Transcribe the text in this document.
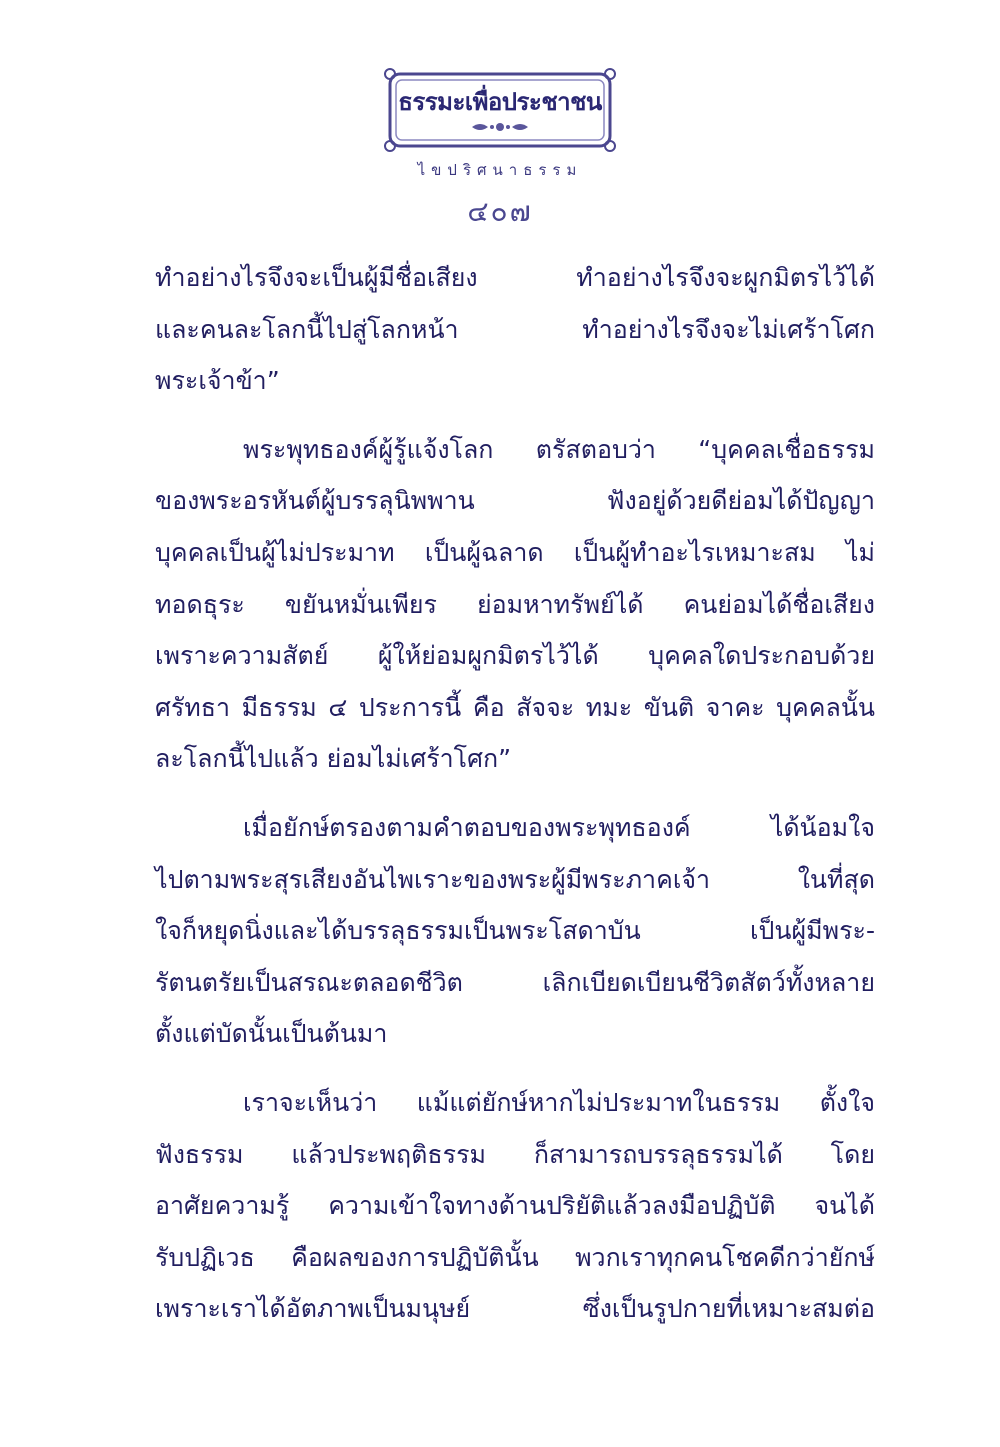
ธรรมะเพื่อประชาชน
ไขปริศนาธรรม
๔๐๗

ทำอย่างไรจึงจะเป็นผู้มีชื่อเสียง ทำอย่างไรจึงจะผูกมิตรไว้ได้
และคนละโลกนี้ไปสู่โลกหน้า ทำอย่างไรจึงจะไม่เศร้าโศก
พระเจ้าข้า”

พระพุทธองค์ผู้รู้แจ้งโลก ตรัสตอบว่า “บุคคลเชื่อธรรม
ของพระอรหันต์ผู้บรรลุนิพพาน ฟังอยู่ด้วยดีย่อมได้ปัญญา
บุคคลเป็นผู้ไม่ประมาท เป็นผู้ฉลาด เป็นผู้ทำอะไรเหมาะสม ไม่
ทอดธุระ ขยันหมั่นเพียร ย่อมหาทรัพย์ได้ คนย่อมได้ชื่อเสียง
เพราะความสัตย์ ผู้ให้ย่อมผูกมิตรไว้ได้ บุคคลใดประกอบด้วย
ศรัทธา มีธรรม ๔ ประการนี้ คือ สัจจะ ทมะ ขันติ จาคะ บุคคลนั้น
ละโลกนี้ไปแล้ว ย่อมไม่เศร้าโศก”

เมื่อยักษ์ตรองตามคำตอบของพระพุทธองค์ ได้น้อมใจ
ไปตามพระสุรเสียงอันไพเราะของพระผู้มีพระภาคเจ้า ในที่สุด
ใจก็หยุดนิ่งและได้บรรลุธรรมเป็นพระโสดาบัน เป็นผู้มีพระ-
รัตนตรัยเป็นสรณะตลอดชีวิต เลิกเบียดเบียนชีวิตสัตว์ทั้งหลาย
ตั้งแต่บัดนั้นเป็นต้นมา

เราจะเห็นว่า แม้แต่ยักษ์หากไม่ประมาทในธรรม ตั้งใจ
ฟังธรรม แล้วประพฤติธรรม ก็สามารถบรรลุธรรมได้ โดย
อาศัยความรู้ ความเข้าใจทางด้านปริยัติแล้วลงมือปฏิบัติ จนได้
รับปฏิเวธ คือผลของการปฏิบัตินั้น พวกเราทุกคนโชคดีกว่ายักษ์
เพราะเราได้อัตภาพเป็นมนุษย์ ซึ่งเป็นรูปกายที่เหมาะสมต่อ
